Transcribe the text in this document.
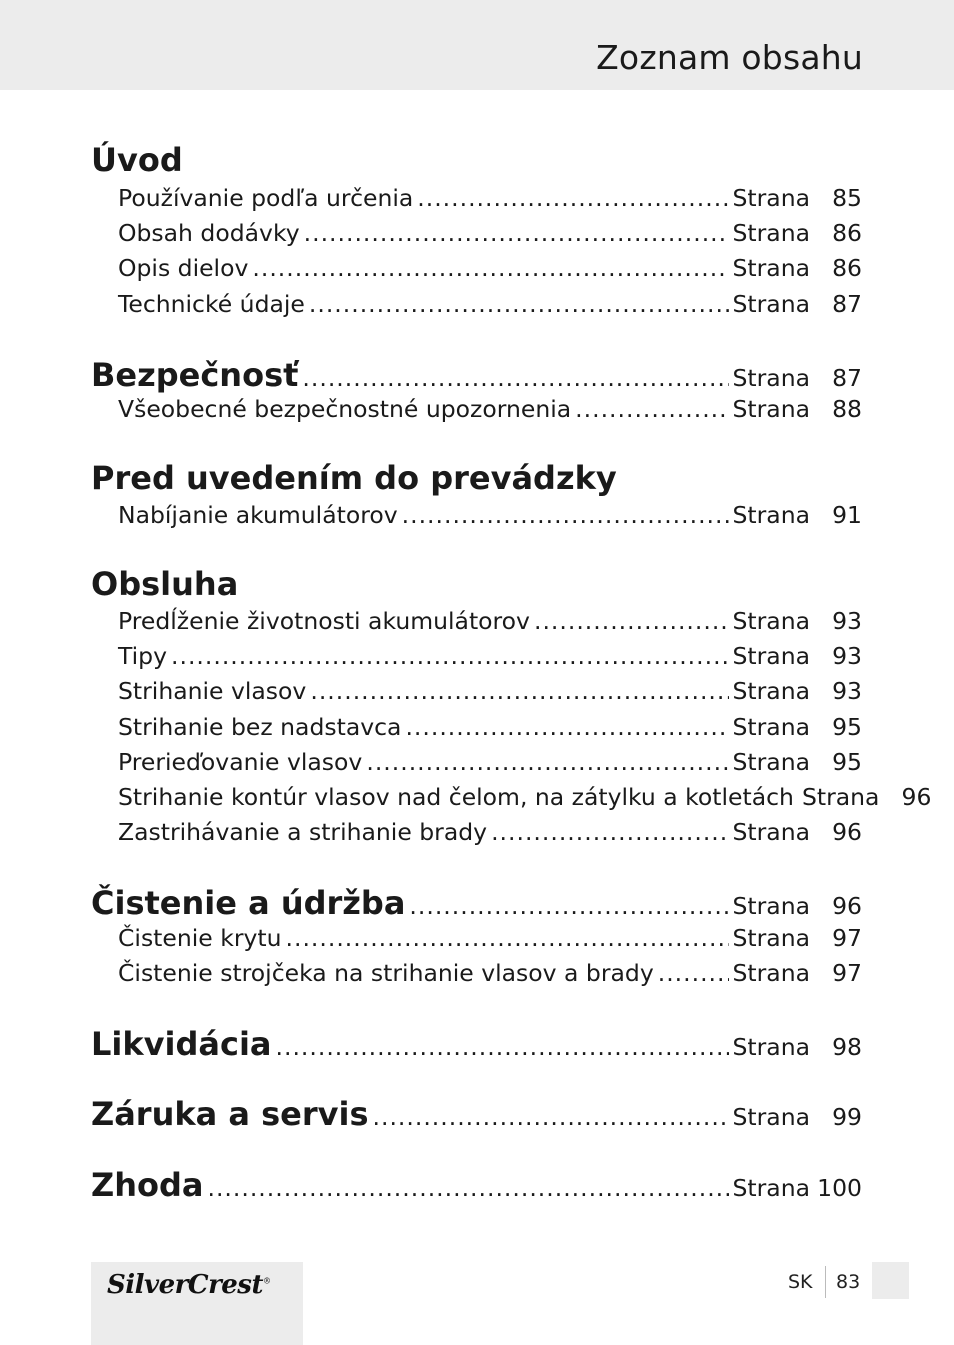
Zoznam obsahu
Úvod
Používanie podľa určenia .....	Strana 85
Obsah dodávky .....	Strana 86
Opis dielov .....	Strana 86
Technické údaje .....	Strana 87
Bezpečnosť .....	Strana 87
Všeobecné bezpečnostné upozornenia .....	Strana 88
Pred uvedením do prevádzky
Nabíjanie akumulátorov .....	Strana 91
Obsluha
Predĺženie životnosti akumulátorov .....	Strana 93
Tipy .....	Strana 93
Strihanie vlasov .....	Strana 93
Strihanie bez nadstavca .....	Strana 95
Prerieďovanie vlasov .....	Strana 95
Strihanie kontúr vlasov nad čelom, na zátylku a kotletách Strana 96
Zastrihávanie a strihanie brady .....	Strana 96
Čistenie a údržba .....	Strana 96
Čistenie krytu .....	Strana 97
Čistenie strojčeka na strihanie vlasov a brady .....	Strana 97
Likvidácia .....	Strana 98
Záruka a servis .....	Strana 99
Zhoda .....	Strana 100
SilverCrest®	SK 83
